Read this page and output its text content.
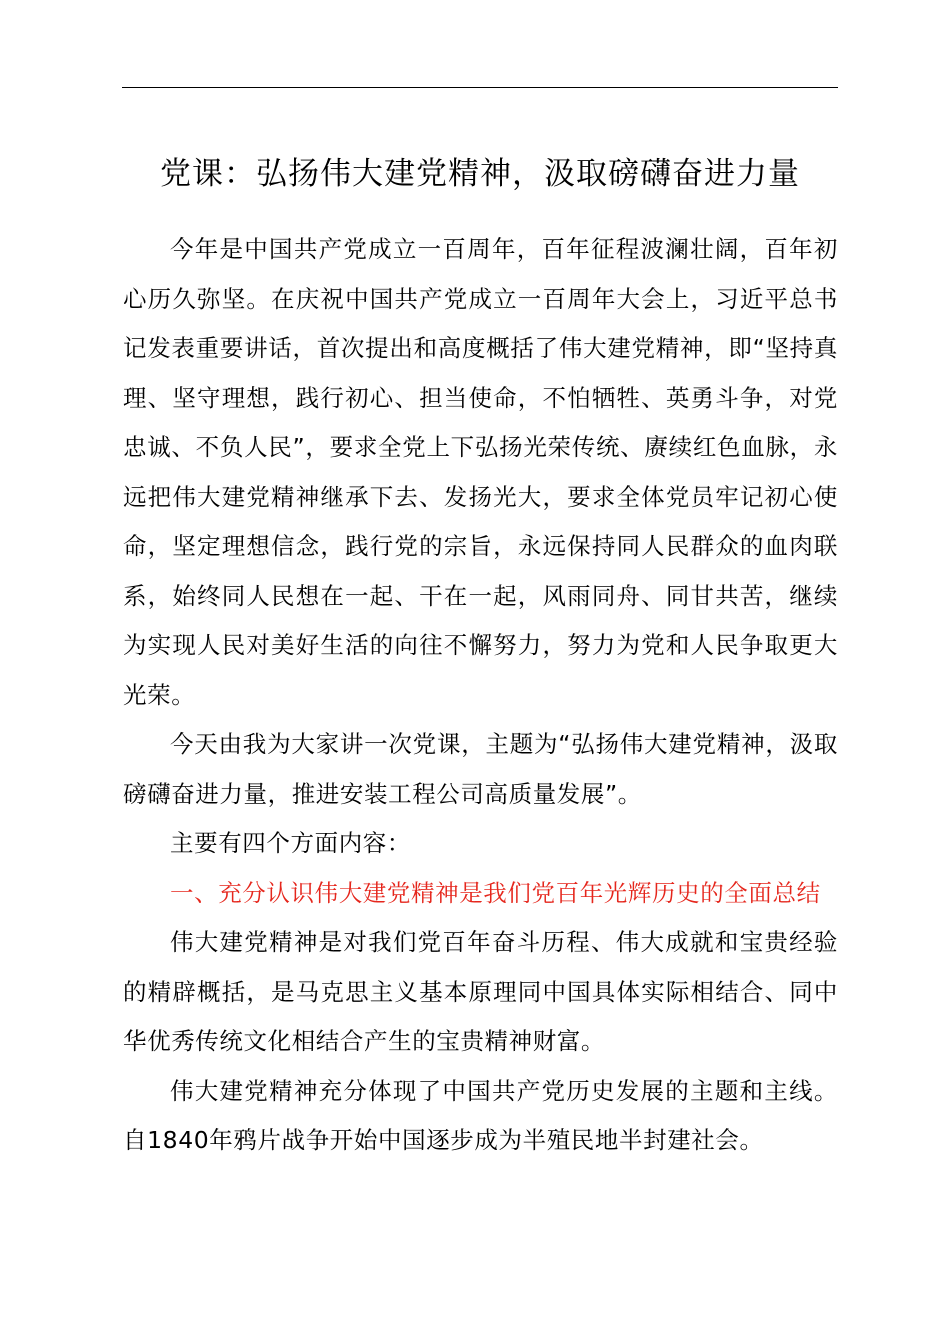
党课：弘扬伟大建党精神，汲取磅礴奋进力量

今年是中国共产党成立一百周年，百年征程波澜壮阔，百年初心历久弥坚。在庆祝中国共产党成立一百周年大会上，习近平总书记发表重要讲话，首次提出和高度概括了伟大建党精神，即“坚持真理、坚守理想，践行初心、担当使命，不怕牺牲、英勇斗争，对党忠诚、不负人民”，要求全党上下弘扬光荣传统、赓续红色血脉，永远把伟大建党精神继承下去、发扬光大，要求全体党员牢记初心使命，坚定理想信念，践行党的宗旨，永远保持同人民群众的血肉联系，始终同人民想在一起、干在一起，风雨同舟、同甘共苦，继续为实现人民对美好生活的向往不懈努力，努力为党和人民争取更大光荣。

今天由我为大家讲一次党课，主题为“弘扬伟大建党精神，汲取磅礴奋进力量，推进安装工程公司高质量发展”。

主要有四个方面内容：

一、充分认识伟大建党精神是我们党百年光辉历史的全面总结

伟大建党精神是对我们党百年奋斗历程、伟大成就和宝贵经验的精辟概括，是马克思主义基本原理同中国具体实际相结合、同中华优秀传统文化相结合产生的宝贵精神财富。

伟大建党精神充分体现了中国共产党历史发展的主题和主线。自1840年鸦片战争开始中国逐步成为半殖民地半封建社会。
